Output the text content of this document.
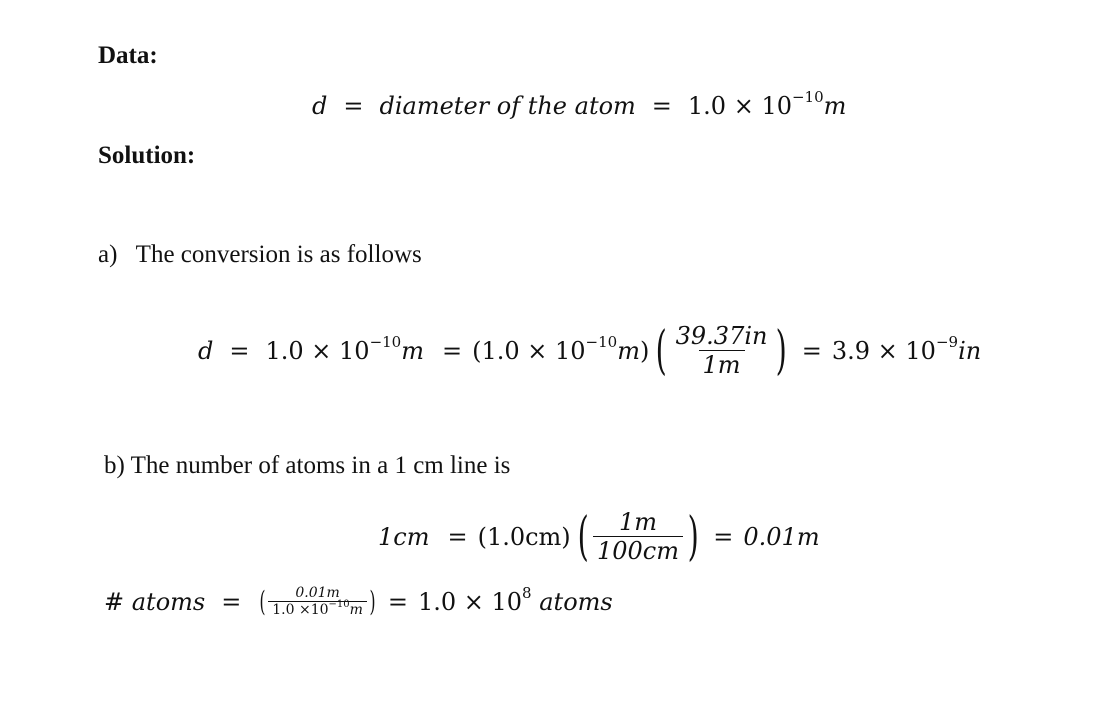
Data:
d = diameter of the atom = $1.0 \times 10^{-10}m$
Solution:
a) The conversion is as follows
$d = 1.0 \times 10^{-10}m = (1.0 \times 10^{-10}m)$ ( $\frac{39.37in}{1m}$ ) = $3.9 \times 10^{-9}in$
b) The number of atoms in a 1 cm line is
1cm = (1.0cm) ( $\frac{1m}{100cm}$ ) = 0.01m
# atoms = ( $\frac{0.01m}{1.0 \times 10^{-10}m}$ ) = $1.0 \times 10^8$ atoms
